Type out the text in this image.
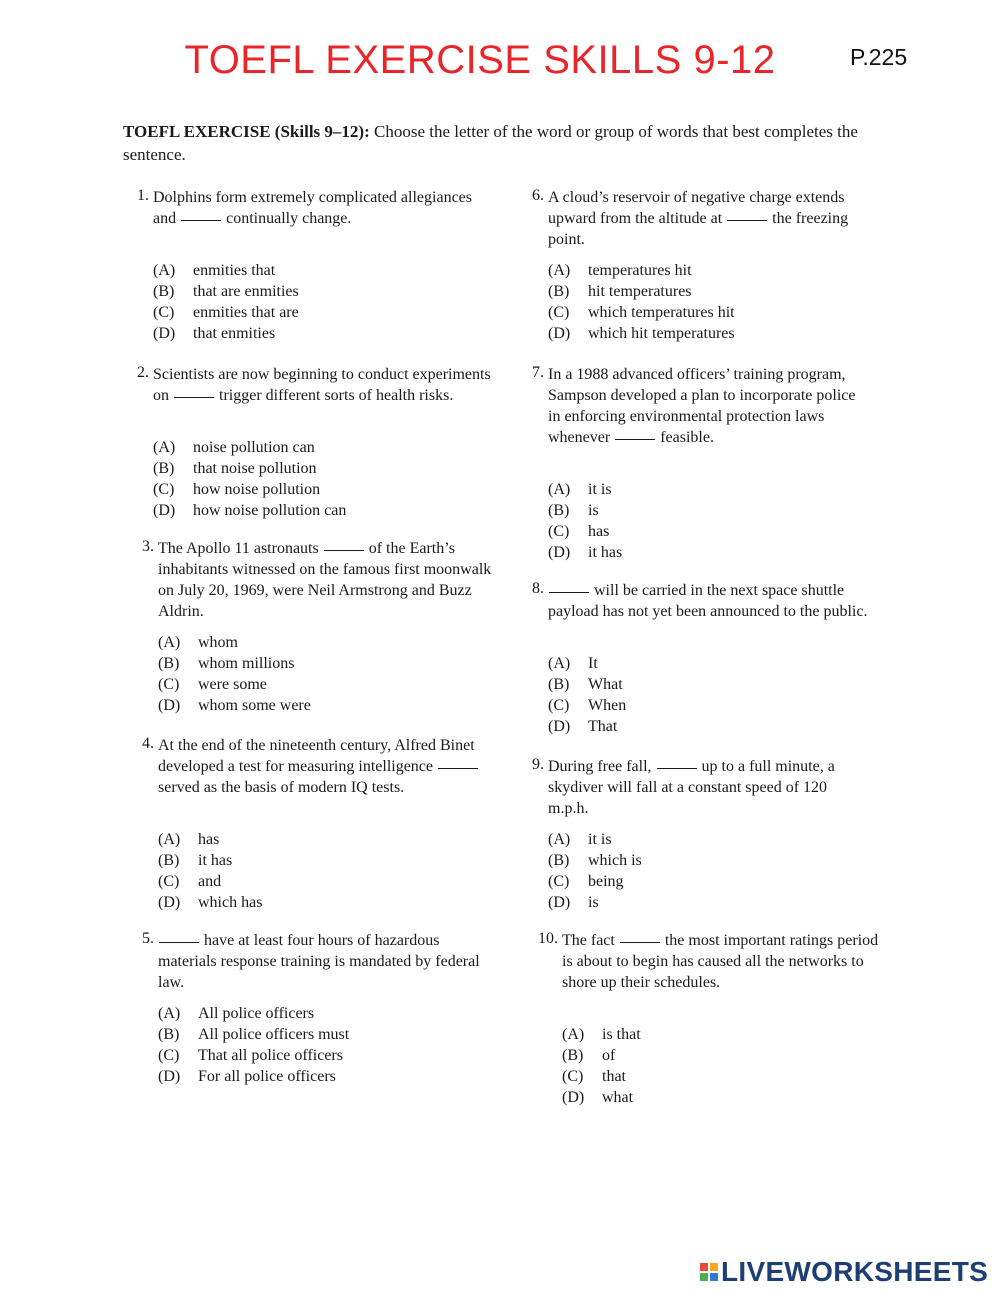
TOEFL EXERCISE SKILLS 9-12	P.225
TOEFL EXERCISE (Skills 9–12): Choose the letter of the word or group of words that best completes the sentence.
1. Dolphins form extremely complicated allegiances and	continually change.
(A) enmities that
(B) that are enmities
(C) enmities that are
(D) that enmities
2. Scientists are now beginning to conduct experiments on	trigger different sorts of health risks.
(A) noise pollution can
(B) that noise pollution
(C) how noise pollution
(D) how noise pollution can
3. The Apollo 11 astronauts	of the Earth’s inhabitants witnessed on the famous first moonwalk on July 20, 1969, were Neil Armstrong and Buzz Aldrin.
(A) whom
(B) whom millions
(C) were some
(D) whom some were
4. At the end of the nineteenth century, Alfred Binet developed a test for measuring intelligence  served as the basis of modern IQ tests.
(A) has
(B) it has
(C) and
(D) which has
5.	have at least four hours of hazardous materials response training is mandated by federal law.
(A) All police officers
(B) All police officers must
(C) That all police officers
(D) For all police officers
6. A cloud’s reservoir of negative charge extends upward from the altitude at	the freezing point.
(A) temperatures hit
(B) hit temperatures
(C) which temperatures hit
(D) which hit temperatures
7. In a 1988 advanced officers’ training program, Sampson developed a plan to incorporate police in enforcing environmental protection laws whenever	feasible.
(A) it is
(B) is
(C) has
(D) it has
8.	will be carried in the next space shuttle payload has not yet been announced to the public.
(A) It
(B) What
(C) When
(D) That
9. During free fall,	up to a full minute, a skydiver will fall at a constant speed of 120 m.p.h.
(A) it is
(B) which is
(C) being
(D) is
10. The fact	the most important ratings period is about to begin has caused all the networks to shore up their schedules.
(A) is that
(B) of
(C) that
(D) what
LIVEWORKSHEETS
